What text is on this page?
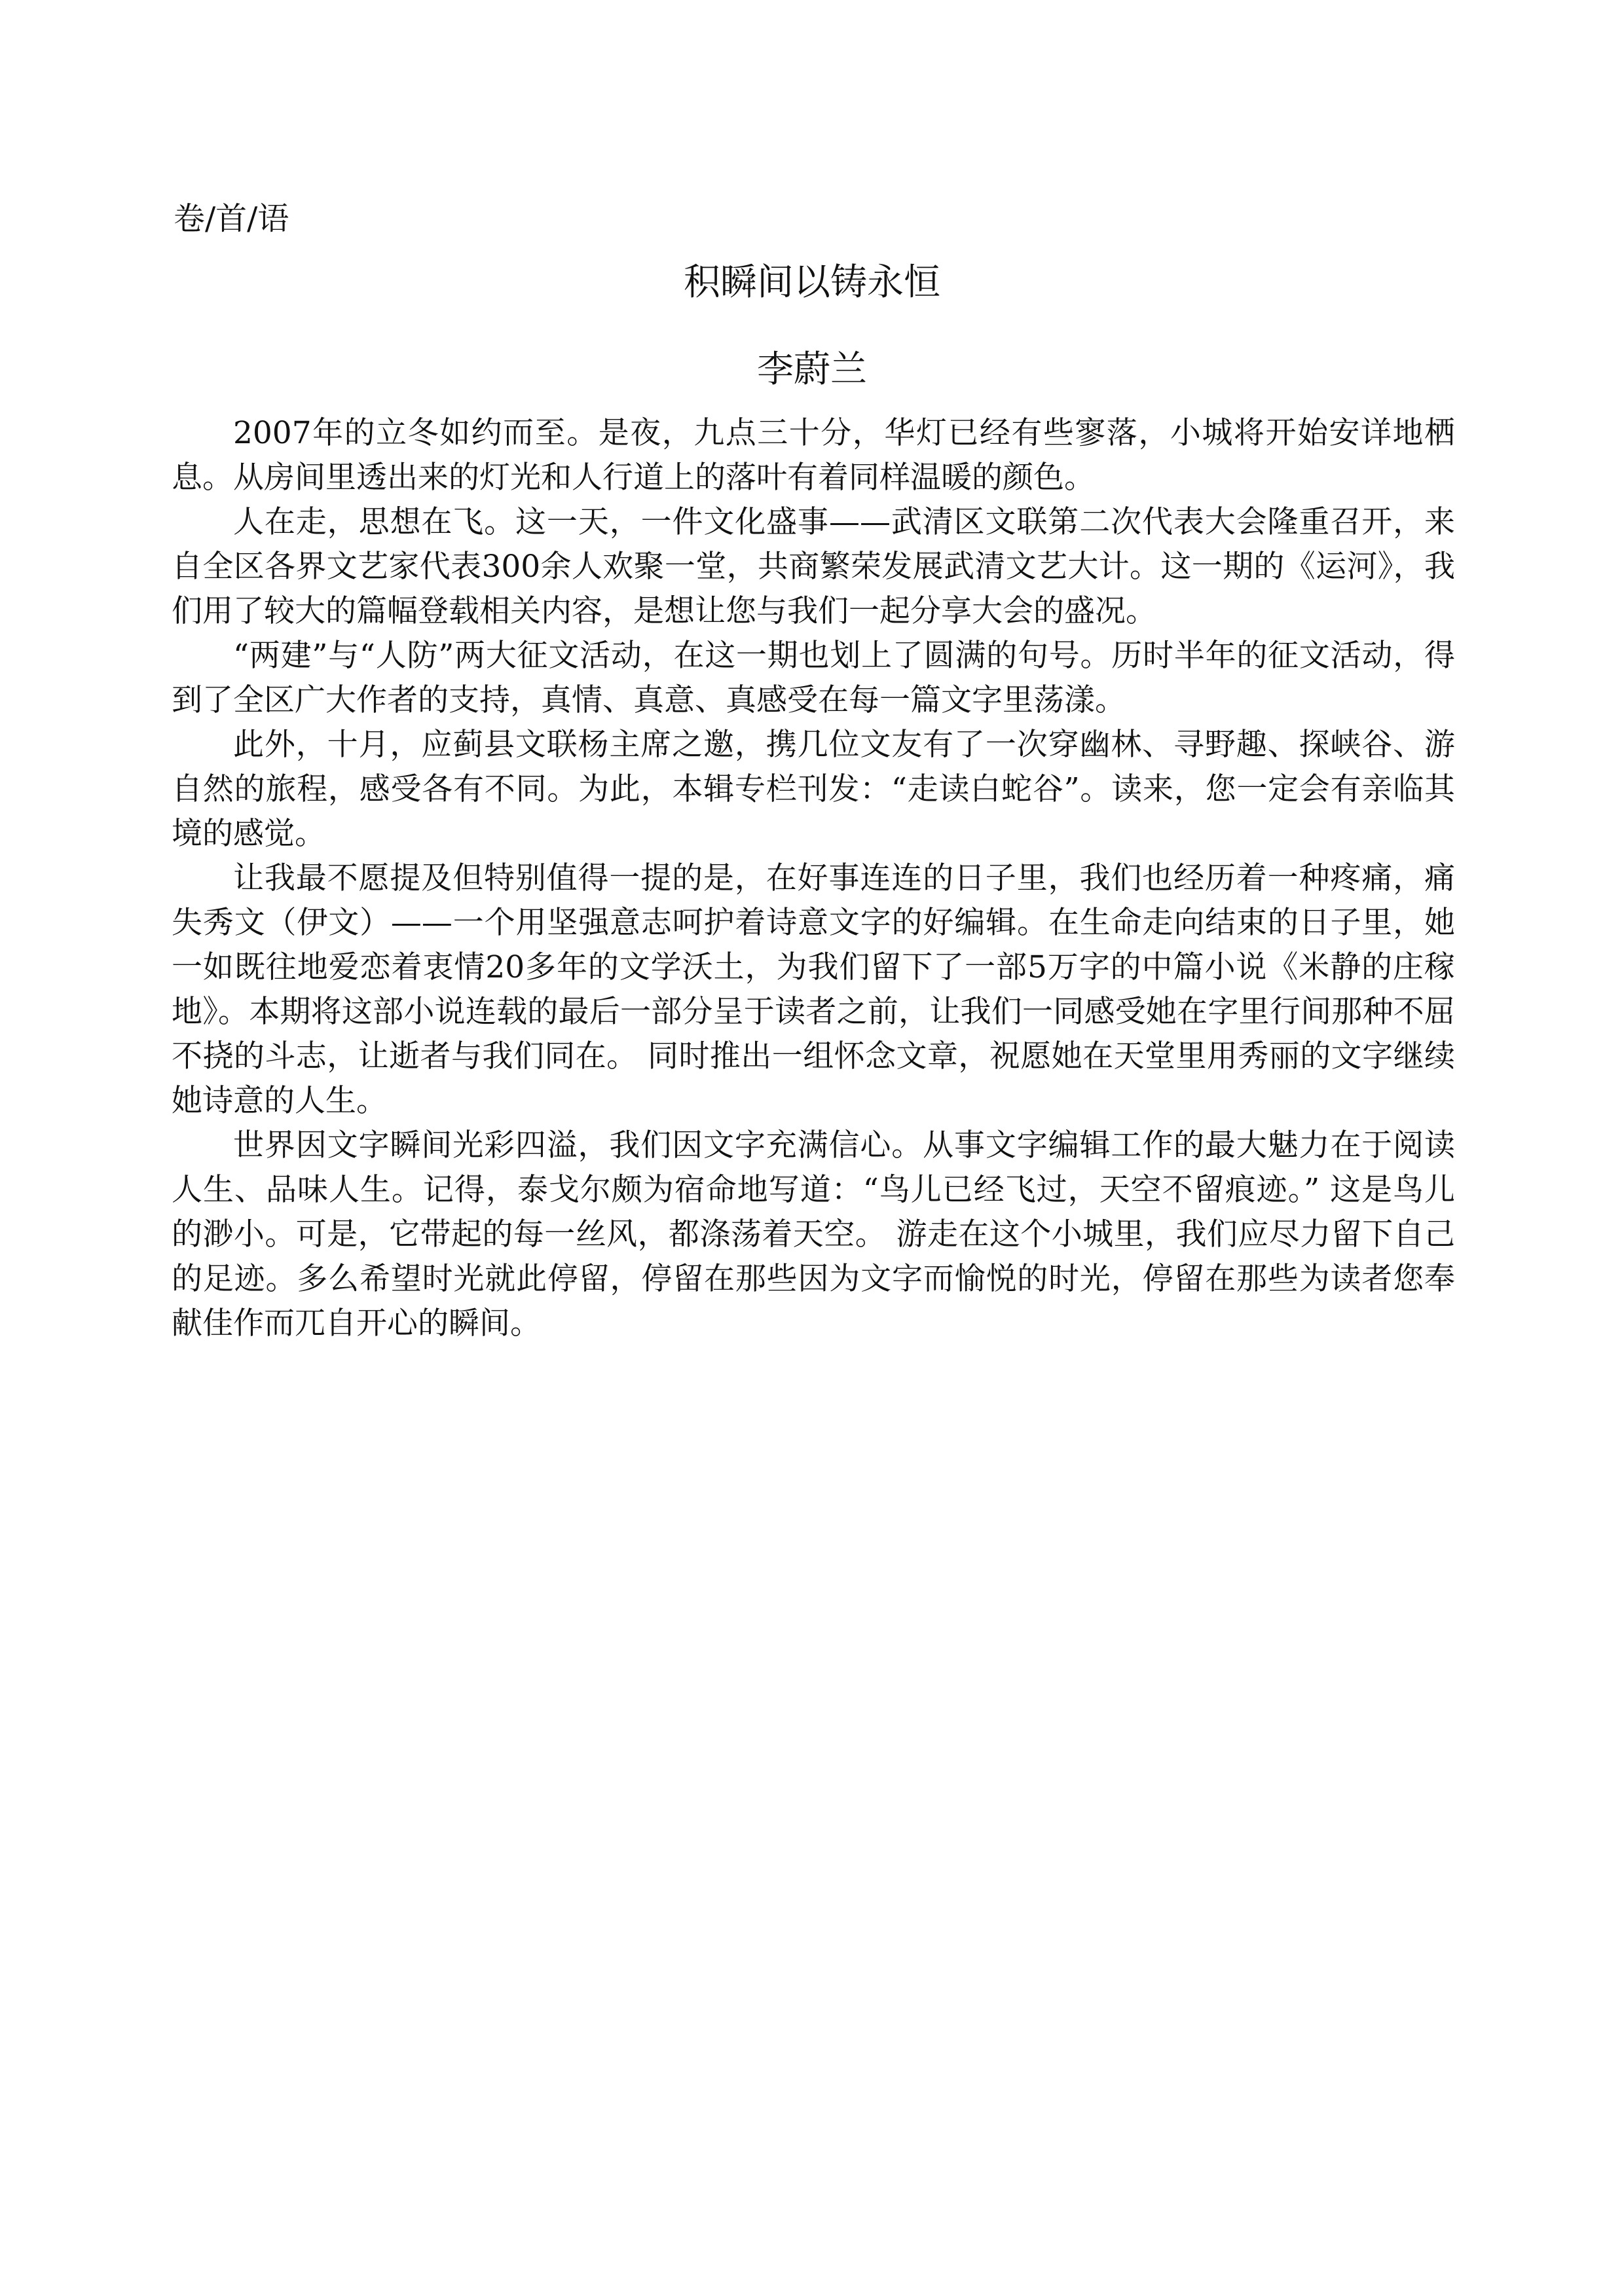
卷/首/语
积瞬间以铸永恒
李蔚兰

2007年的立冬如约而至。是夜，九点三十分，华灯已经有些寥落，小城将开始安详地栖息。从房间里透出来的灯光和人行道上的落叶有着同样温暖的颜色。

人在走，思想在飞。这一天，一件文化盛事——武清区文联第二次代表大会隆重召开，来自全区各界文艺家代表300余人欢聚一堂，共商繁荣发展武清文艺大计。这一期的《运河》，我们用了较大的篇幅登载相关内容，是想让您与我们一起分享大会的盛况。

“两建”与“人防”两大征文活动，在这一期也划上了圆满的句号。历时半年的征文活动，得到了全区广大作者的支持，真情、真意、真感受在每一篇文字里荡漾。

此外，十月，应蓟县文联杨主席之邀，携几位文友有了一次穿幽林、寻野趣、探峡谷、游自然的旅程，感受各有不同。为此，本辑专栏刊发：“走读白蛇谷”。读来，您一定会有亲临其境的感觉。

让我最不愿提及但特别值得一提的是，在好事连连的日子里，我们也经历着一种疼痛，痛失秀文（伊文）——一个用坚强意志呵护着诗意文字的好编辑。在生命走向结束的日子里，她一如既往地爱恋着衷情20多年的文学沃土，为我们留下了一部5万字的中篇小说《米静的庄稼地》。本期将这部小说连载的最后一部分呈于读者之前，让我们一同感受她在字里行间那种不屈不挠的斗志，让逝者与我们同在。 同时推出一组怀念文章，祝愿她在天堂里用秀丽的文字继续她诗意的人生。

世界因文字瞬间光彩四溢，我们因文字充满信心。从事文字编辑工作的最大魅力在于阅读人生、品味人生。记得，泰戈尔颇为宿命地写道：“鸟儿已经飞过，天空不留痕迹。” 这是鸟儿的渺小。可是，它带起的每一丝风，都涤荡着天空。 游走在这个小城里，我们应尽力留下自己的足迹。多么希望时光就此停留，停留在那些因为文字而愉悦的时光，停留在那些为读者您奉献佳作而兀自开心的瞬间。
